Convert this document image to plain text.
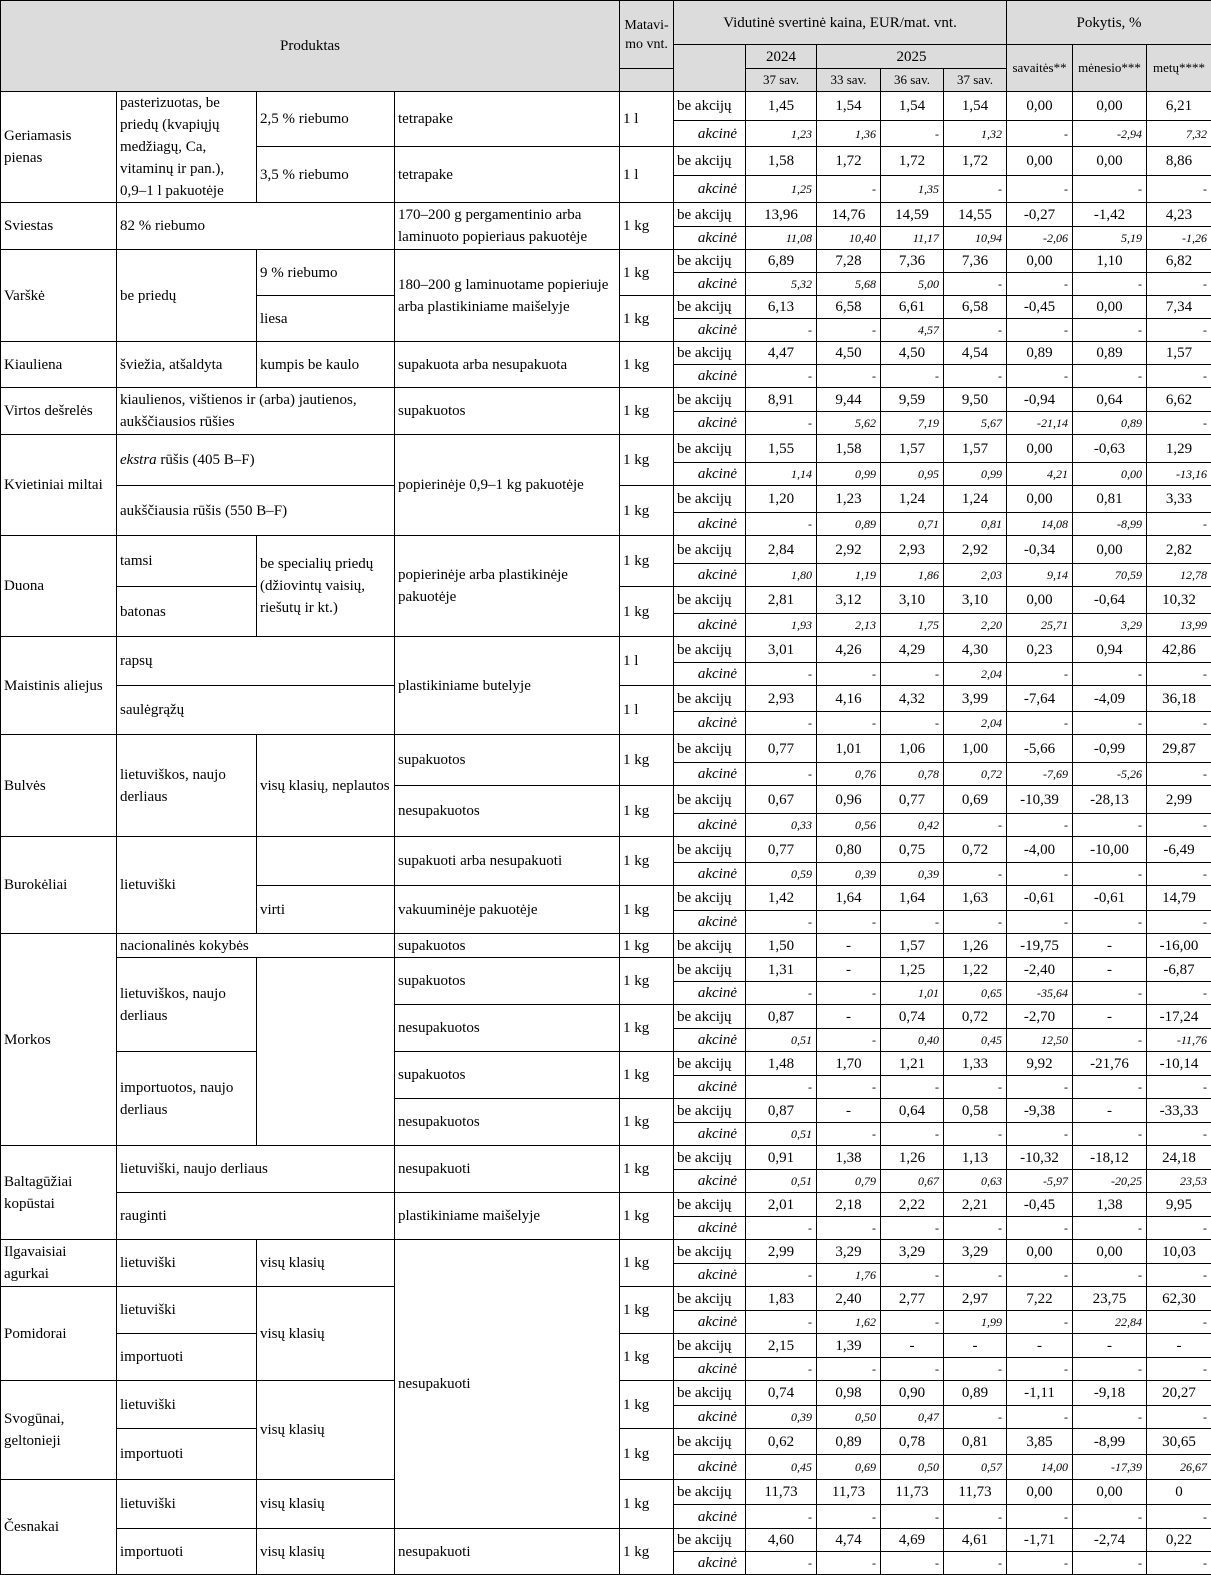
Produktas				Matavi-mo vnt.	Vidutinė svertinė kaina, EUR/mat. vnt.					Pokytis, %		
						2024	2025			savaitės**	mėnesio***	metų****
						37 sav.	33 sav.	36 sav.	37 sav.			
Geriamasis pienas	pasterizuotas, be priedų (kvapiųjų medžiagų, Ca, vitaminų ir pan.), 0,9–1 l pakuotėje	2,5 % riebumo	tetrapake	1 l	be akcijų	1,45	1,54	1,54	1,54	0,00	0,00	6,21
					akcinė	1,23	1,36	-	1,32	-	-2,94	7,32
		3,5 % riebumo	tetrapake	1 l	be akcijų	1,58	1,72	1,72	1,72	0,00	0,00	8,86
					akcinė	1,25	-	1,35	-	-	-	-
Sviestas	82 % riebumo		170–200 g pergamentinio arba laminuoto popieriaus pakuotėje	1 kg	be akcijų	13,96	14,76	14,59	14,55	-0,27	-1,42	4,23
					akcinė	11,08	10,40	11,17	10,94	-2,06	5,19	-1,26
Varškė	be priedų	9 % riebumo	180–200 g laminuotame popieriuje arba plastikiniame maišelyje	1 kg	be akcijų	6,89	7,28	7,36	7,36	0,00	1,10	6,82
					akcinė	5,32	5,68	5,00	-	-	-	-
		liesa		1 kg	be akcijų	6,13	6,58	6,61	6,58	-0,45	0,00	7,34
					akcinė	-	-	4,57	-	-	-	-
Kiauliena	šviežia, atšaldyta	kumpis be kaulo	supakuota arba nesupakuota	1 kg	be akcijų	4,47	4,50	4,50	4,54	0,89	0,89	1,57
					akcinė	-	-	-	-	-	-	-
Virtos dešrelės	kiaulienos, vištienos ir (arba) jautienos, aukščiausios rūšies		supakuotos	1 kg	be akcijų	8,91	9,44	9,59	9,50	-0,94	0,64	6,62
					akcinė	-	5,62	7,19	5,67	-21,14	0,89	-
Kvietiniai miltai	ekstra rūšis (405 B–F)		popierinėje 0,9–1 kg pakuotėje	1 kg	be akcijų	1,55	1,58	1,57	1,57	0,00	-0,63	1,29
					akcinė	1,14	0,99	0,95	0,99	4,21	0,00	-13,16
	aukščiausia rūšis (550 B–F)			1 kg	be akcijų	1,20	1,23	1,24	1,24	0,00	0,81	3,33
					akcinė	-	0,89	0,71	0,81	14,08	-8,99	-
Duona	tamsi	be specialių priedų (džiovintų vaisių, riešutų ir kt.)	popierinėje arba plastikinėje pakuotėje	1 kg	be akcijų	2,84	2,92	2,93	2,92	-0,34	0,00	2,82
					akcinė	1,80	1,19	1,86	2,03	9,14	70,59	12,78
	batonas			1 kg	be akcijų	2,81	3,12	3,10	3,10	0,00	-0,64	10,32
					akcinė	1,93	2,13	1,75	2,20	25,71	3,29	13,99
Maistinis aliejus	rapsų		plastikiniame butelyje	1 l	be akcijų	3,01	4,26	4,29	4,30	0,23	0,94	42,86
					akcinė	-	-	-	2,04	-	-	-
	saulėgrąžų			1 l	be akcijų	2,93	4,16	4,32	3,99	-7,64	-4,09	36,18
					akcinė	-	-	-	2,04	-	-	-
Bulvės	lietuviškos, naujo derliaus	visų klasių, neplautos	supakuotos	1 kg	be akcijų	0,77	1,01	1,06	1,00	-5,66	-0,99	29,87
					akcinė	-	0,76	0,78	0,72	-7,69	-5,26	-
			nesupakuotos	1 kg	be akcijų	0,67	0,96	0,77	0,69	-10,39	-28,13	2,99
					akcinė	0,33	0,56	0,42	-	-	-	-
Burokėliai	lietuviški		supakuoti arba nesupakuoti	1 kg	be akcijų	0,77	0,80	0,75	0,72	-4,00	-10,00	-6,49
					akcinė	0,59	0,39	0,39	-	-	-	-
		virti	vakuuminėje pakuotėje	1 kg	be akcijų	1,42	1,64	1,64	1,63	-0,61	-0,61	14,79
					akcinė	-	-	-	-	-	-	-
Morkos	nacionalinės kokybės		supakuotos	1 kg	be akcijų	1,50	-	1,57	1,26	-19,75	-	-16,00
	lietuviškos, naujo derliaus		supakuotos	1 kg	be akcijų	1,31	-	1,25	1,22	-2,40	-	-6,87
					akcinė	-	-	1,01	0,65	-35,64	-	-
			nesupakuotos	1 kg	be akcijų	0,87	-	0,74	0,72	-2,70	-	-17,24
					akcinė	0,51	-	0,40	0,45	12,50	-	-11,76
	importuotos, naujo derliaus		supakuotos	1 kg	be akcijų	1,48	1,70	1,21	1,33	9,92	-21,76	-10,14
					akcinė	-	-	-	-	-	-	-
			nesupakuotos	1 kg	be akcijų	0,87	-	0,64	0,58	-9,38	-	-33,33
					akcinė	0,51	-	-	-	-	-	-
Baltagūžiai kopūstai	lietuviški, naujo derliaus		nesupakuoti	1 kg	be akcijų	0,91	1,38	1,26	1,13	-10,32	-18,12	24,18
					akcinė	0,51	0,79	0,67	0,63	-5,97	-20,25	23,53
	rauginti		plastikiniame maišelyje	1 kg	be akcijų	2,01	2,18	2,22	2,21	-0,45	1,38	9,95
					akcinė	-	-	-	-	-	-	-
Ilgavaisiai agurkai	lietuviški	visų klasių	nesupakuoti	1 kg	be akcijų	2,99	3,29	3,29	3,29	0,00	0,00	10,03
					akcinė	-	1,76	-	-	-	-	-
Pomidorai	lietuviški	visų klasių		1 kg	be akcijų	1,83	2,40	2,77	2,97	7,22	23,75	62,30
					akcinė	-	1,62	-	1,99	-	22,84	-
	importuoti			1 kg	be akcijų	2,15	1,39	-	-	-	-	-
					akcinė	-	-	-	-	-	-	-
Svogūnai, geltonieji	lietuviški	visų klasių		1 kg	be akcijų	0,74	0,98	0,90	0,89	-1,11	-9,18	20,27
					akcinė	0,39	0,50	0,47	-	-	-	-
	importuoti			1 kg	be akcijų	0,62	0,89	0,78	0,81	3,85	-8,99	30,65
					akcinė	0,45	0,69	0,50	0,57	14,00	-17,39	26,67
Česnakai	lietuviški	visų klasių		1 kg	be akcijų	11,73	11,73	11,73	11,73	0,00	0,00	0
					akcinė	-	-	-	-	-	-	-
	importuoti	visų klasių	nesupakuoti	1 kg	be akcijų	4,60	4,74	4,69	4,61	-1,71	-2,74	0,22
					akcinė	-	-	-	-	-	-	-
